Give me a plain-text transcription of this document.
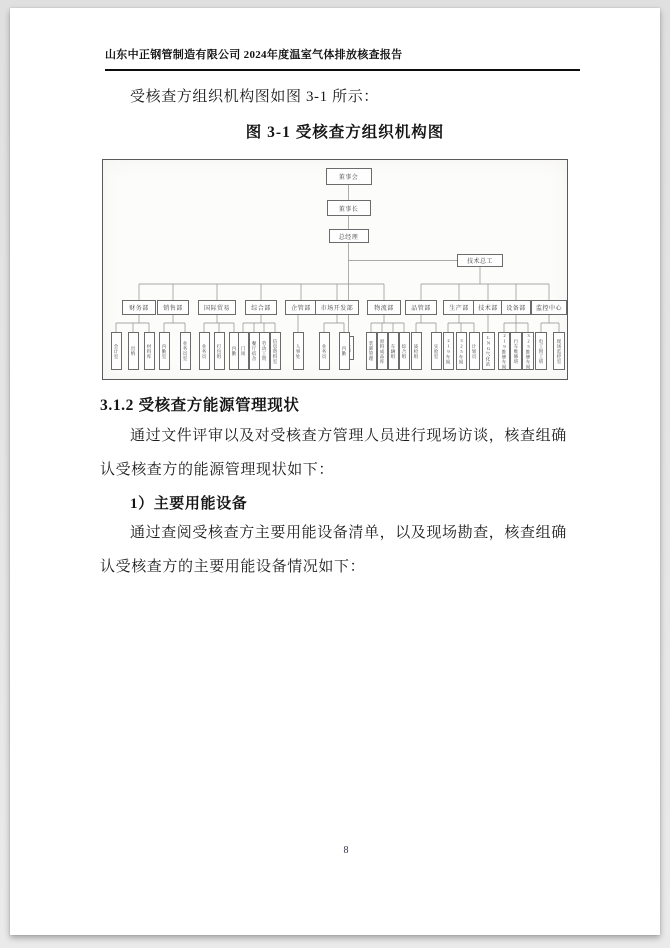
山东中正钢管制造有限公司 2024年度温室气体排放核查报告
受核查方组织机构图如图 3-1 所示：
图 3-1 受核查方组织机构图
董事会
董事长
总经理
技术总工
财务部
会计室	出纳 材料库
销售部
内勤室	业务员室
国际贸易
业务员 打包组 内勤
综合部
门岗 餐厅宿舍 劳动工资 信息资料室
企管部
人事处
市场开发部
业务员	内勤
物流部
装卸管理 原料成品库 车辆组 综合组
品管部
质检组	实验室
生产部
219车间 325车间 计划员
技术部
LNG气化站
设备部
219维修车间 行车维修班 325维修车间
监控中心
电工钳工班	现场监控室
3.1.2 受核查方能源管理现状
通过文件评审以及对受核查方管理人员进行现场访谈，核查组确
认受核查方的能源管理现状如下：
1）主要用能设备
通过查阅受核查方主要用能设备清单，以及现场勘查，核查组确
认受核查方的主要用能设备情况如下：
8
